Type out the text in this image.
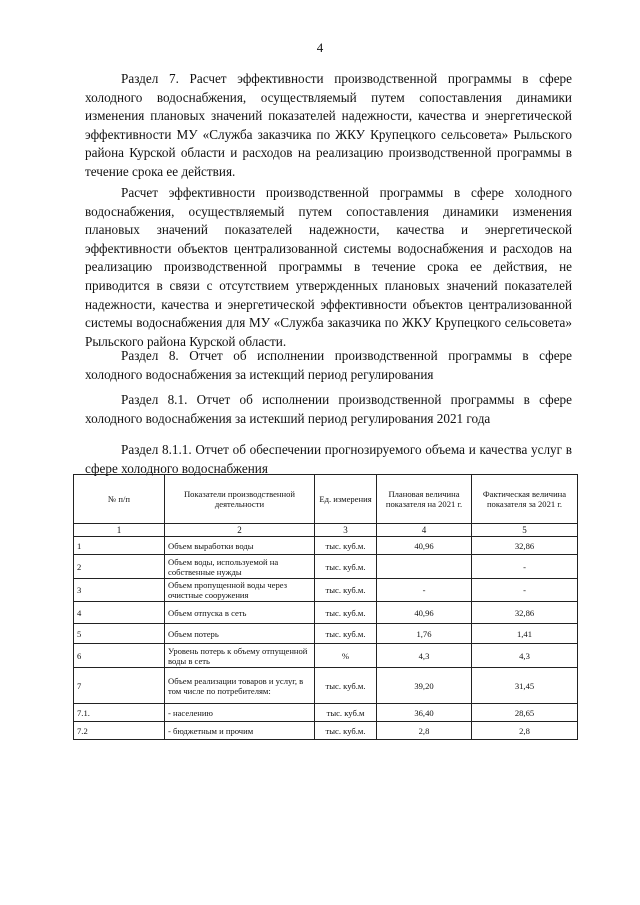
4

Раздел 7. Расчет эффективности производственной программы в сфере холодного водоснабжения, осуществляемый путем сопоставления динамики изменения плановых значений показателей надежности, качества и энергетической эффективности МУ «Служба заказчика по ЖКУ Крупецкого сельсовета» Рыльского района Курской области и расходов на реализацию производственной программы в течение срока ее действия.

Расчет эффективности производственной программы в сфере холодного водоснабжения, осуществляемый путем сопоставления динамики изменения плановых значений показателей надежности, качества и энергетической эффективности объектов централизованной системы водоснабжения и расходов на реализацию производственной программы в течение срока ее действия, не приводится в связи с отсутствием утвержденных плановых значений показателей надежности, качества и энергетической эффективности объектов централизованной системы водоснабжения для МУ «Служба заказчика по ЖКУ Крупецкого сельсовета» Рыльского района Курской области.

Раздел 8. Отчет об исполнении производственной программы в сфере холодного водоснабжения за истекщий период регулирования

Раздел 8.1. Отчет об исполнении производственной программы в сфере холодного водоснабжения за истекший период регулирования 2021 года

Раздел 8.1.1. Отчет об обеспечении прогнозируемого объема и качества услуг в сфере холодного водоснабжения

№ п/п	Показатели производственной деятельности	Ед. измерения	Плановая величина показателя на 2021 г.	Фактическая величина показателя за 2021 г.
1	2	3	4	5
1	Объем выработки воды	тыс. куб.м.	40,96	32,86
2	Объем воды, используемой на собственные нужды	тыс. куб.м.		-
3	Объем пропущенной воды через очистные сооружения	тыс. куб.м.	-	-
4	Объем отпуска в сеть	тыс. куб.м.	40,96	32,86
5	Объем потерь	тыс. куб.м.	1,76	1,41
6	Уровень потерь к объему отпущенной воды в сеть	%	4,3	4,3
7	Объем реализации товаров и услуг, в том числе по потребителям:	тыс. куб.м.	39,20	31,45
7.1.	- населению	тыс. куб.м	36,40	28,65
7.2	- бюджетным и прочим	тыс. куб.м.	2,8	2,8
